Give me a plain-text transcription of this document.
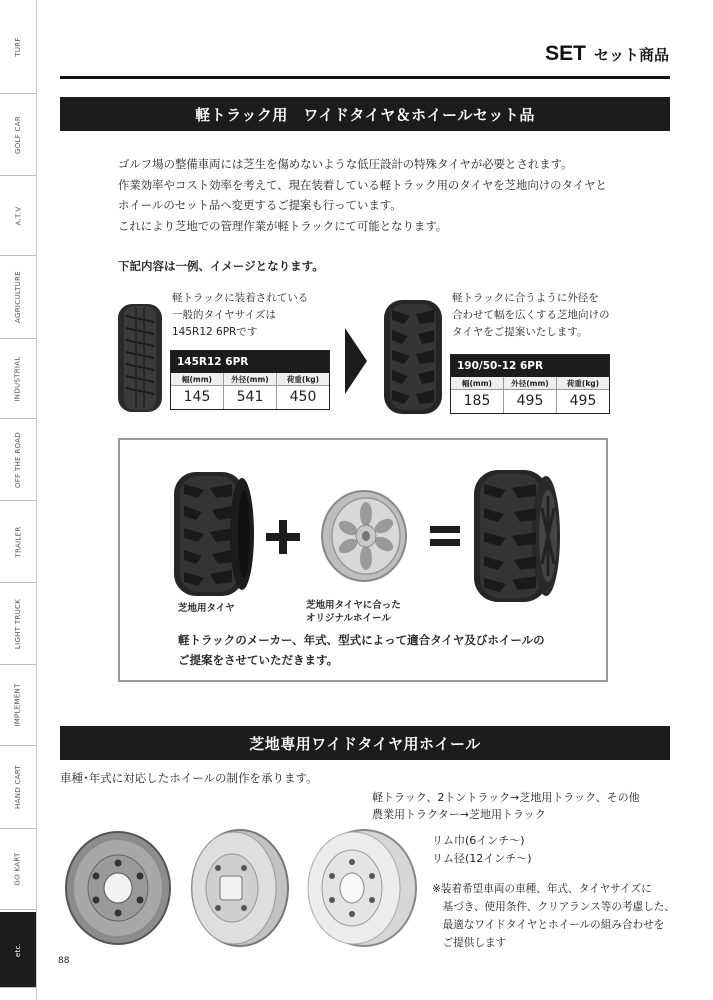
TURF
GOLF CAR
A.T.V
AGRICULTURE
INDUSTRIAL
OFF THE ROAD
TRAILER
LIGHT TRUCK
IMPLEMENT
HAND CART
GO KART
etc.
SET セット商品
軽トラック用　ワイドタイヤ＆ホイールセット品
ゴルフ場の整備車両には芝生を傷めないような低圧設計の特殊タイヤが必要とされます。
作業効率やコスト効率を考えて、現在装着している軽トラック用のタイヤを芝地向けのタイヤと
ホイールのセット品へ変更するご提案も行っています。
これにより芝地での管理作業が軽トラックにて可能となります。
下記内容は一例、イメージとなります。
軽トラックに装着されている
一般的タイヤサイズは
145R12 6PRです
145R12 6PR
幅(mm)
145
外径(mm)
541
荷重(kg)
450
軽トラックに合うように外径を
合わせて幅を広くする芝地向けの
タイヤをご提案いたします。
190/50-12 6PR
幅(mm)
185
外径(mm)
495
荷重(kg)
495
芝地用タイヤ	芝地用タイヤに合った
オリジナルホイール
軽トラックのメーカー、年式、型式によって適合タイヤ及びホイールの
ご提案をさせていただきます。
芝地専用ワイドタイヤ用ホイール
車種･年式に対応したホイールの制作を承ります。
軽トラック、2トントラック→芝地用トラック、その他
農業用トラクター→芝地用トラック
リム巾(6インチ〜)
リム径(12インチ〜)
※装着希望車両の車種、年式、タイヤサイズに
　基づき、使用条件、クリアランス等の考慮した、
　最適なワイドタイヤとホイールの組み合わせを
　ご提供します
88
